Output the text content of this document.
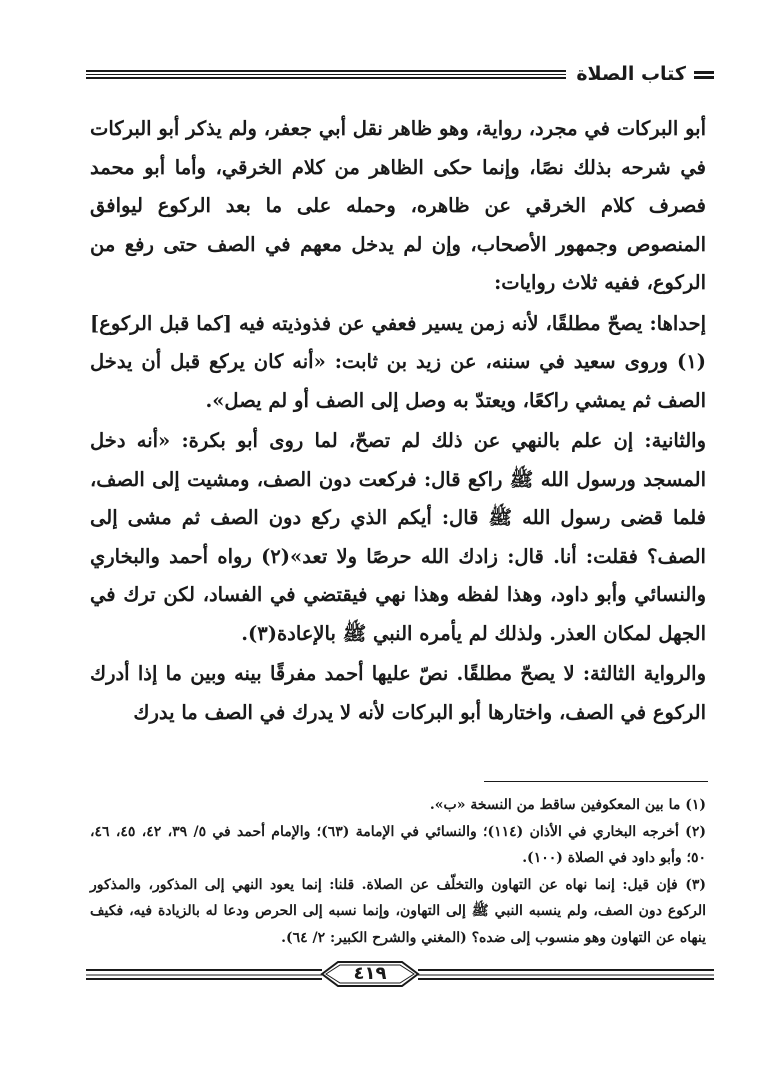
كتاب الصلاة

أبو البركات في مجرد، رواية، وهو ظاهر نقل أبي جعفر، ولم يذكر أبو البركات في شرحه بذلك نصًا، وإنما حكى الظاهر من كلام الخرقي، وأما أبو محمد فصرف كلام الخرقي عن ظاهره، وحمله على ما بعد الركوع ليوافق المنصوص وجمهور الأصحاب، وإن لم يدخل معهم في الصف حتى رفع من الركوع، ففيه ثلاث روايات:

إحداها: يصحّ مطلقًا، لأنه زمن يسير فعفي عن فذوذيته فيه [كما قبل الركوع](١) وروى سعيد في سننه، عن زيد بن ثابت: «أنه كان يركع قبل أن يدخل الصف ثم يمشي راكعًا، ويعتدّ به وصل إلى الصف أو لم يصل».

والثانية: إن علم بالنهي عن ذلك لم تصحّ، لما روى أبو بكرة: «أنه دخل المسجد ورسول الله ﷺ راكع قال: فركعت دون الصف، ومشيت إلى الصف، فلما قضى رسول الله ﷺ قال: أيكم الذي ركع دون الصف ثم مشى إلى الصف؟ فقلت: أنا. قال: زادك الله حرصًا ولا تعد»(٢) رواه أحمد والبخاري والنسائي وأبو داود، وهذا لفظه وهذا نهي فيقتضي في الفساد، لكن ترك في الجهل لمكان العذر. ولذلك لم يأمره النبي ﷺ بالإعادة(٣).

والرواية الثالثة: لا يصحّ مطلقًا. نصّ عليها أحمد مفرقًا بينه وبين ما إذا أدرك الركوع في الصف، واختارها أبو البركات لأنه لا يدرك في الصف ما يدرك

(١) ما بين المعكوفين ساقط من النسخة «ب».

(٢) أخرجه البخاري في الأذان (١١٤)؛ والنسائي في الإمامة (٦٣)؛ والإمام أحمد في ٥/ ٣٩، ٤٢، ٤٥، ٤٦، ٥٠؛ وأبو داود في الصلاة (١٠٠).

(٣) فإن قيل: إنما نهاه عن التهاون والتخلّف عن الصلاة. قلنا: إنما يعود النهي إلى المذكور، والمذكور الركوع دون الصف، ولم ينسبه النبي ﷺ إلى التهاون، وإنما نسبه إلى الحرص ودعا له بالزيادة فيه، فكيف ينهاه عن التهاون وهو منسوب إلى ضده؟ (المغني والشرح الكبير: ٢/ ٦٤).

٤١٩
